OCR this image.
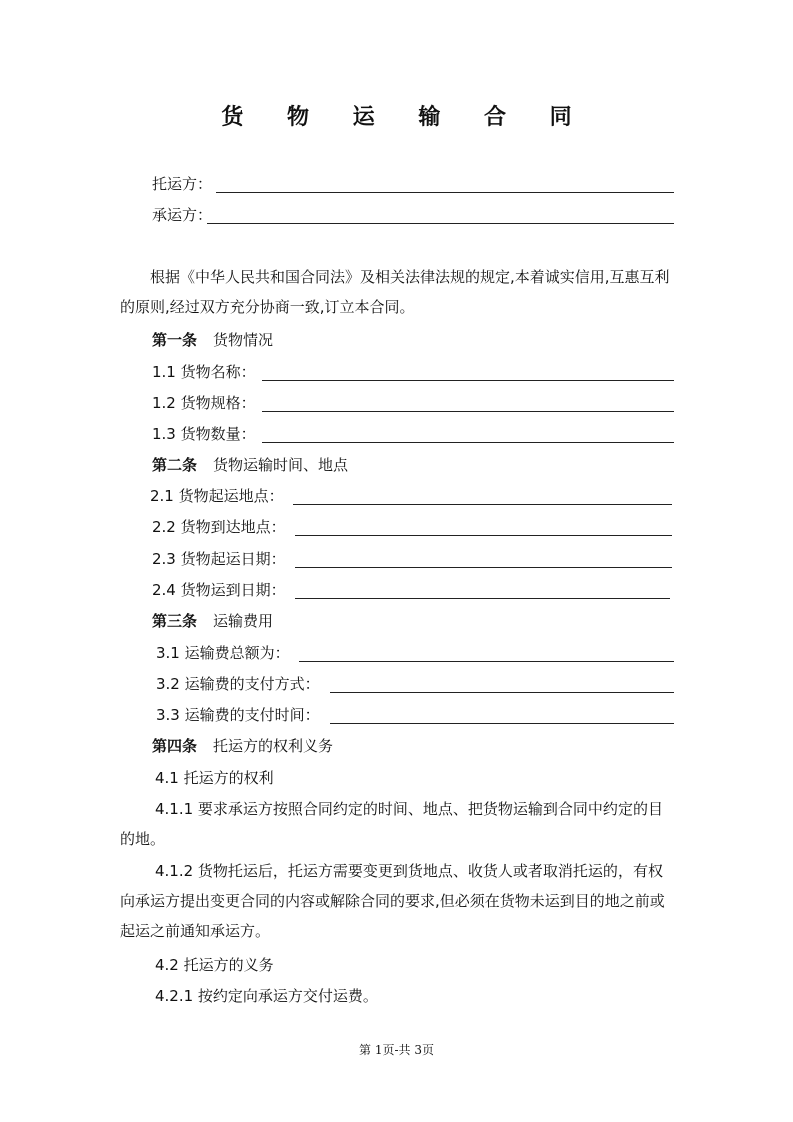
货 物 运 输 合 同
托运方：
承运方：
根据《中华人民共和国合同法》及相关法律法规的规定,本着诚实信用,互惠互利的原则,经过双方充分协商一致,订立本合同。
第一条 货物情况
1.1 货物名称：
1.2 货物规格：
1.3 货物数量：
第二条 货物运输时间、地点
2.1 货物起运地点：
2.2 货物到达地点：
2.3 货物起运日期：
2.4 货物运到日期：
第三条 运输费用
3.1 运输费总额为：
3.2 运输费的支付方式：
3.3 运输费的支付时间：
第四条 托运方的权利义务
4.1 托运方的权利
4.1.1 要求承运方按照合同约定的时间、地点、把货物运输到合同中约定的目的地。
4.1.2 货物托运后，托运方需要变更到货地点、收货人或者取消托运的，有权向承运方提出变更合同的内容或解除合同的要求,但必须在货物未运到目的地之前或起运之前通知承运方。
4.2 托运方的义务
4.2.1 按约定向承运方交付运费。
第 1页-共 3页
